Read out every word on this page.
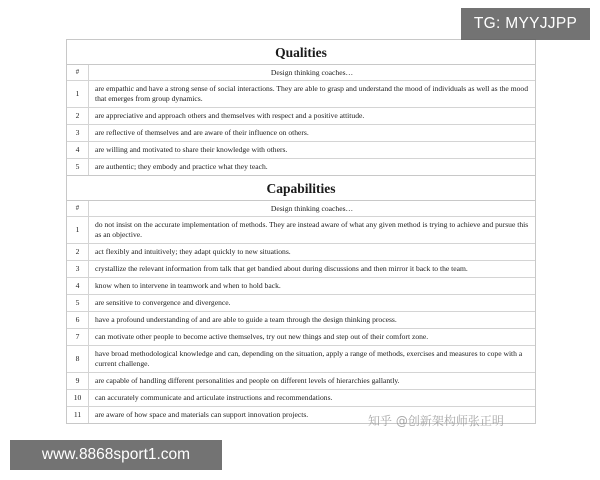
Qualities
#	Design thinking coaches…
1	are empathic and have a strong sense of social interactions. They are able to grasp and understand the mood of individuals as well as the mood that emerges from group dynamics.
2	are appreciative and approach others and themselves with respect and a positive attitude.
3	are reflective of themselves and are aware of their influence on others.
4	are willing and motivated to share their knowledge with others.
5	are authentic; they embody and practice what they teach.
Capabilities
#	Design thinking coaches…
1	do not insist on the accurate implementation of methods. They are instead aware of what any given method is trying to achieve and pursue this as an objective.
2	act flexibly and intuitively; they adapt quickly to new situations.
3	crystallize the relevant information from talk that get bandied about during discussions and then mirror it back to the team.
4	know when to intervene in teamwork and when to hold back.
5	are sensitive to convergence and divergence.
6	have a profound understanding of and are able to guide a team through the design thinking process.
7	can motivate other people to become active themselves, try out new things and step out of their comfort zone.
8	have broad methodological knowledge and can, depending on the situation, apply a range of methods, exercises and measures to cope with a current challenge.
9	are capable of handling different personalities and people on different levels of hierarchies gallantly.
10	can accurately communicate and articulate instructions and recommendations.
11	are aware of how space and materials can support innovation projects.	知乎 @创新架构师张正明
TG: MYYJJPP
www.8868sport1.com
